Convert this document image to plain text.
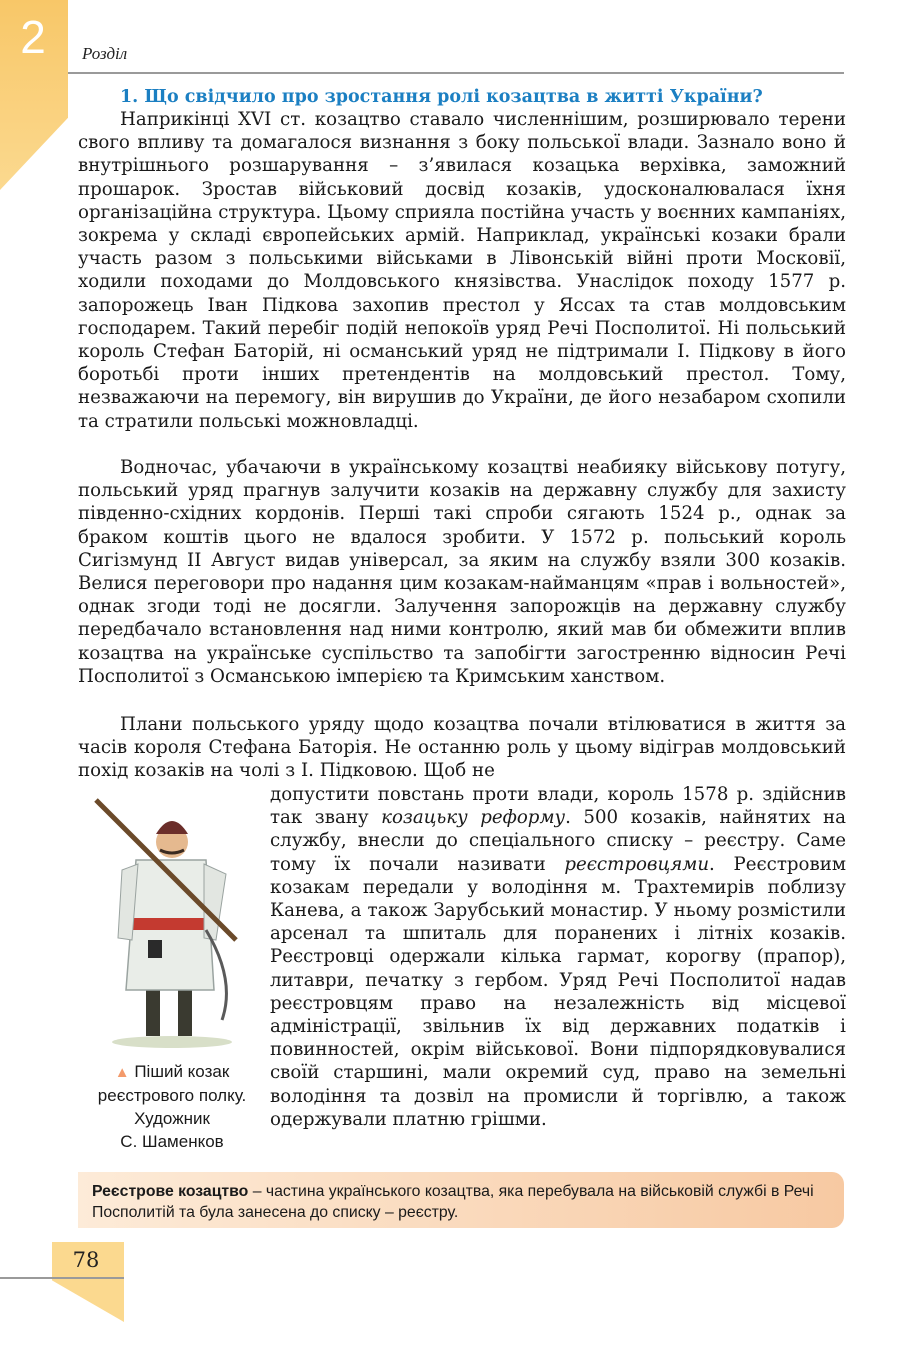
2	Розділ
1. Що свідчило про зростання ролі козацтва в житті України?

Наприкінці XVI ст. козацтво ставало численнішим, розширювало терени свого впливу та домагалося визнання з боку польської влади. Зазнало воно й внутрішнього розшарування – з’явилася козацька верхівка, заможний прошарок. Зростав військовий досвід козаків, удосконалювалася їхня організаційна структура. Цьому сприяла постійна участь у воєнних кампаніях, зокрема у складі європейських армій. Наприклад, українські козаки брали участь разом з польськими військами в Лівонській війні проти Московії, ходили походами до Молдовського князівства. Унаслідок походу 1577 р. запорожець Іван Підкова захопив престол у Яссах та став молдовським господарем. Такий перебіг подій непокоїв уряд Речі Посполитої. Ні польський король Стефан Баторій, ні османський уряд не підтримали І. Підкову в його боротьбі проти інших претендентів на молдовський престол. Тому, незважаючи на перемогу, він вирушив до України, де його незабаром схопили та стратили польські можновладці.

Водночас, убачаючи в українському козацтві неабияку військову потугу, польський уряд прагнув залучити козаків на державну службу для захисту південно-східних кордонів. Перші такі спроби сягають 1524 р., однак за браком коштів цього не вдалося зробити. У 1572 р. польський король Сигізмунд ІІ Август видав універсал, за яким на службу взяли 300 козаків. Велися переговори про надання цим козакам-найманцям «прав і вольностей», однак згоди тоді не досягли. Залучення запорожців на державну службу передбачало встановлення над ними контролю, який мав би обмежити вплив козацтва на українське суспільство та запобігти загостренню відносин Речі Посполитої з Османською імперією та Кримським ханством.

Плани польського уряду щодо козацтва почали втілюватися в життя за часів короля Стефана Баторія. Не останню роль у цьому відіграв молдовський похід козаків на чолі з І. Підковою. Щоб не

допустити повстань проти влади, король 1578 р. здійснив так звану козацьку реформу. 500 козаків, найнятих на службу, внесли до спеціального списку – реєстру. Саме тому їх почали називати реєстровцями. Реєстровим козакам передали у володіння м. Трахтемирів поблизу Канева, а також Зарубський монастир. У ньому розмістили арсенал та шпиталь для поранених і літніх козаків. Реєстровці одержали кілька гармат, корогву (прапор), литаври, печатку з гербом. Уряд Речі Посполитої надав реєстровцям право на незалежність від місцевої адміністрації, звільнив їх від державних податків і повинностей, окрім військової. Вони підпорядковувалися своїй старшині, мали окремий суд, право на земельні володіння та дозвіл на промисли й торгівлю, а також одержували платню грішми.

▲ Піший козак
реєстрового полку.
Художник
С. Шаменков
Реєстрове козацтво – частина українського козацтва, яка перебувала на військовій службі в Речі Посполитій та була занесена до списку – реєстру.
78
